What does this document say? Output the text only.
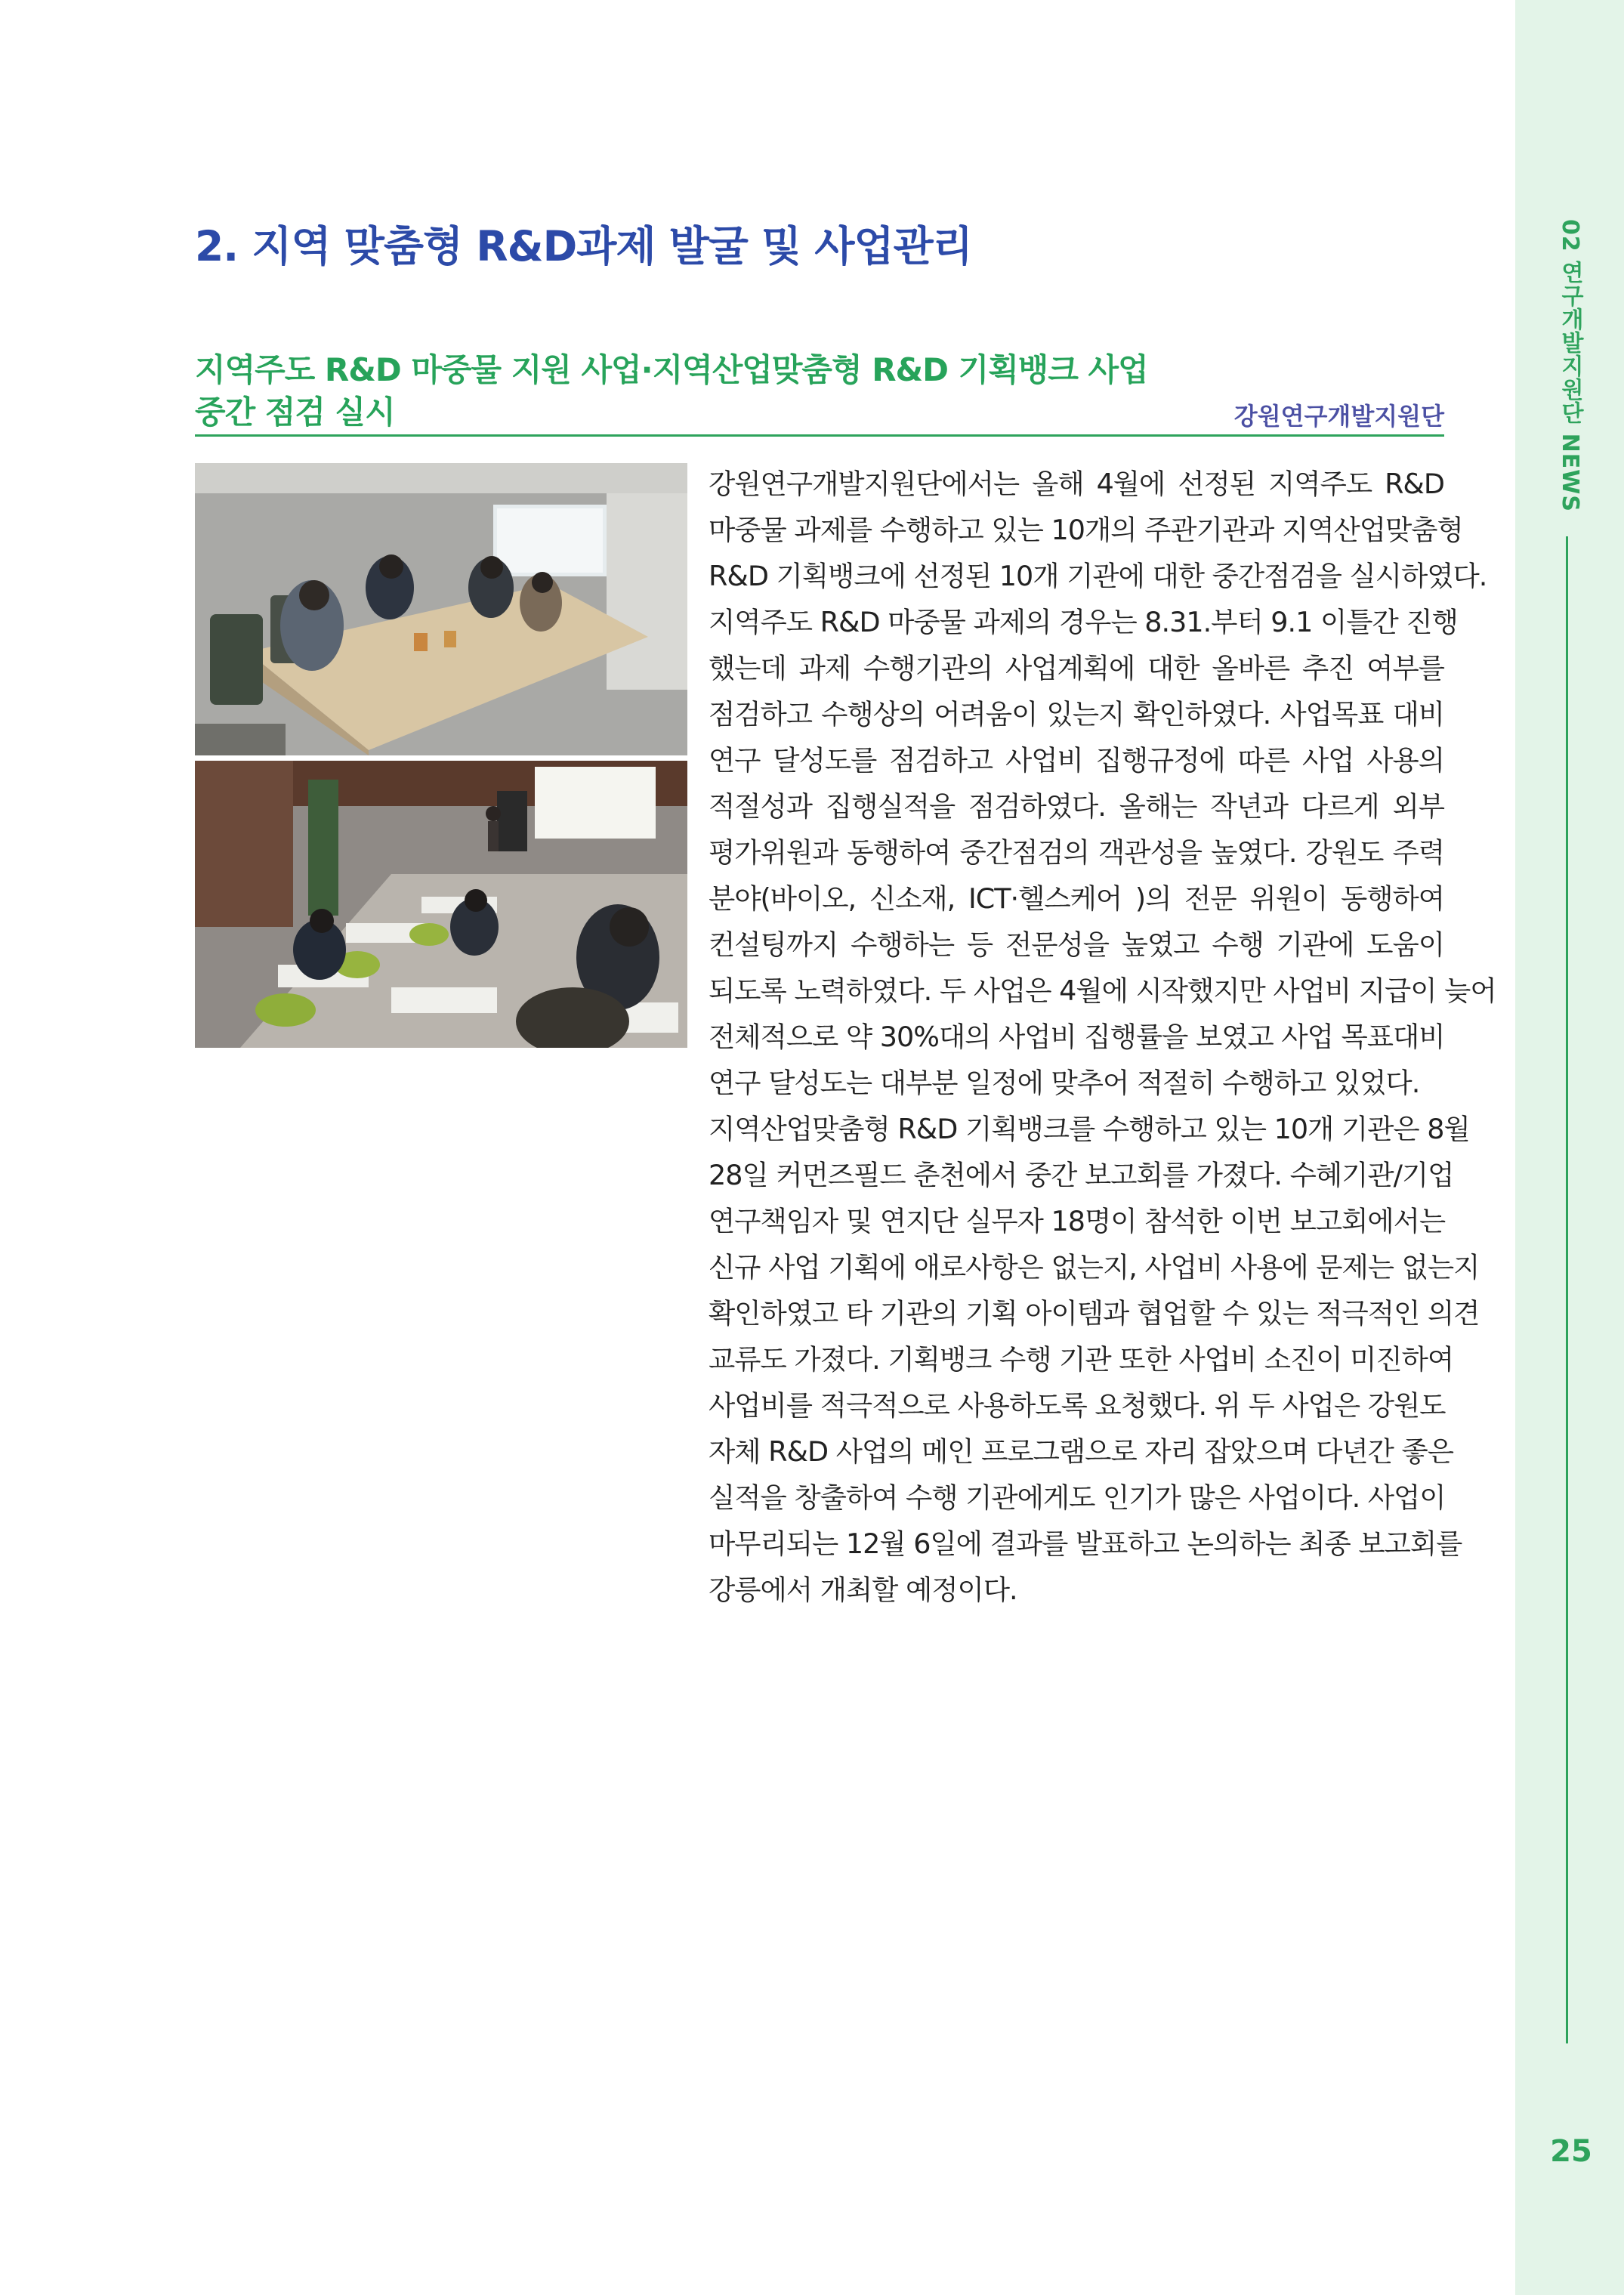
02 연구개발지원단 NEWS
25
2. 지역 맞춤형 R&D과제 발굴 및 사업관리
지역주도 R&D 마중물 지원 사업·지역산업맞춤형 R&D 기획뱅크 사업
중간 점검 실시	강원연구개발지원단

강원연구개발지원단에서는 올해 4월에 선정된 지역주도 R&D

마중물 과제를 수행하고 있는 10개의 주관기관과 지역산업맞춤형

R&D 기획뱅크에 선정된 10개 기관에 대한 중간점검을 실시하였다.

지역주도 R&D 마중물 과제의 경우는 8.31.부터 9.1 이틀간 진행

했는데 과제 수행기관의 사업계획에 대한 올바른 추진 여부를

점검하고 수행상의 어려움이 있는지 확인하였다. 사업목표 대비

연구 달성도를 점검하고 사업비 집행규정에 따른 사업 사용의

적절성과 집행실적을 점검하였다. 올해는 작년과 다르게 외부

평가위원과 동행하여 중간점검의 객관성을 높였다. 강원도 주력

분야(바이오, 신소재, ICT·헬스케어 )의 전문 위원이 동행하여

컨설팅까지 수행하는 등 전문성을 높였고 수행 기관에 도움이

되도록 노력하였다. 두 사업은 4월에 시작했지만 사업비 지급이 늦어

전체적으로 약 30%대의 사업비 집행률을 보였고 사업 목표대비

연구 달성도는 대부분 일정에 맞추어 적절히 수행하고 있었다.

지역산업맞춤형 R&D 기획뱅크를 수행하고 있는 10개 기관은 8월

28일 커먼즈필드 춘천에서 중간 보고회를 가졌다. 수혜기관/기업

연구책임자 및 연지단 실무자 18명이 참석한 이번 보고회에서는

신규 사업 기획에 애로사항은 없는지, 사업비 사용에 문제는 없는지

확인하였고 타 기관의 기획 아이템과 협업할 수 있는 적극적인 의견

교류도 가졌다. 기획뱅크 수행 기관 또한 사업비 소진이 미진하여

사업비를 적극적으로 사용하도록 요청했다. 위 두 사업은 강원도

자체 R&D 사업의 메인 프로그램으로 자리 잡았으며 다년간 좋은

실적을 창출하여 수행 기관에게도 인기가 많은 사업이다. 사업이

마무리되는 12월 6일에 결과를 발표하고 논의하는 최종 보고회를

강릉에서 개최할 예정이다.
